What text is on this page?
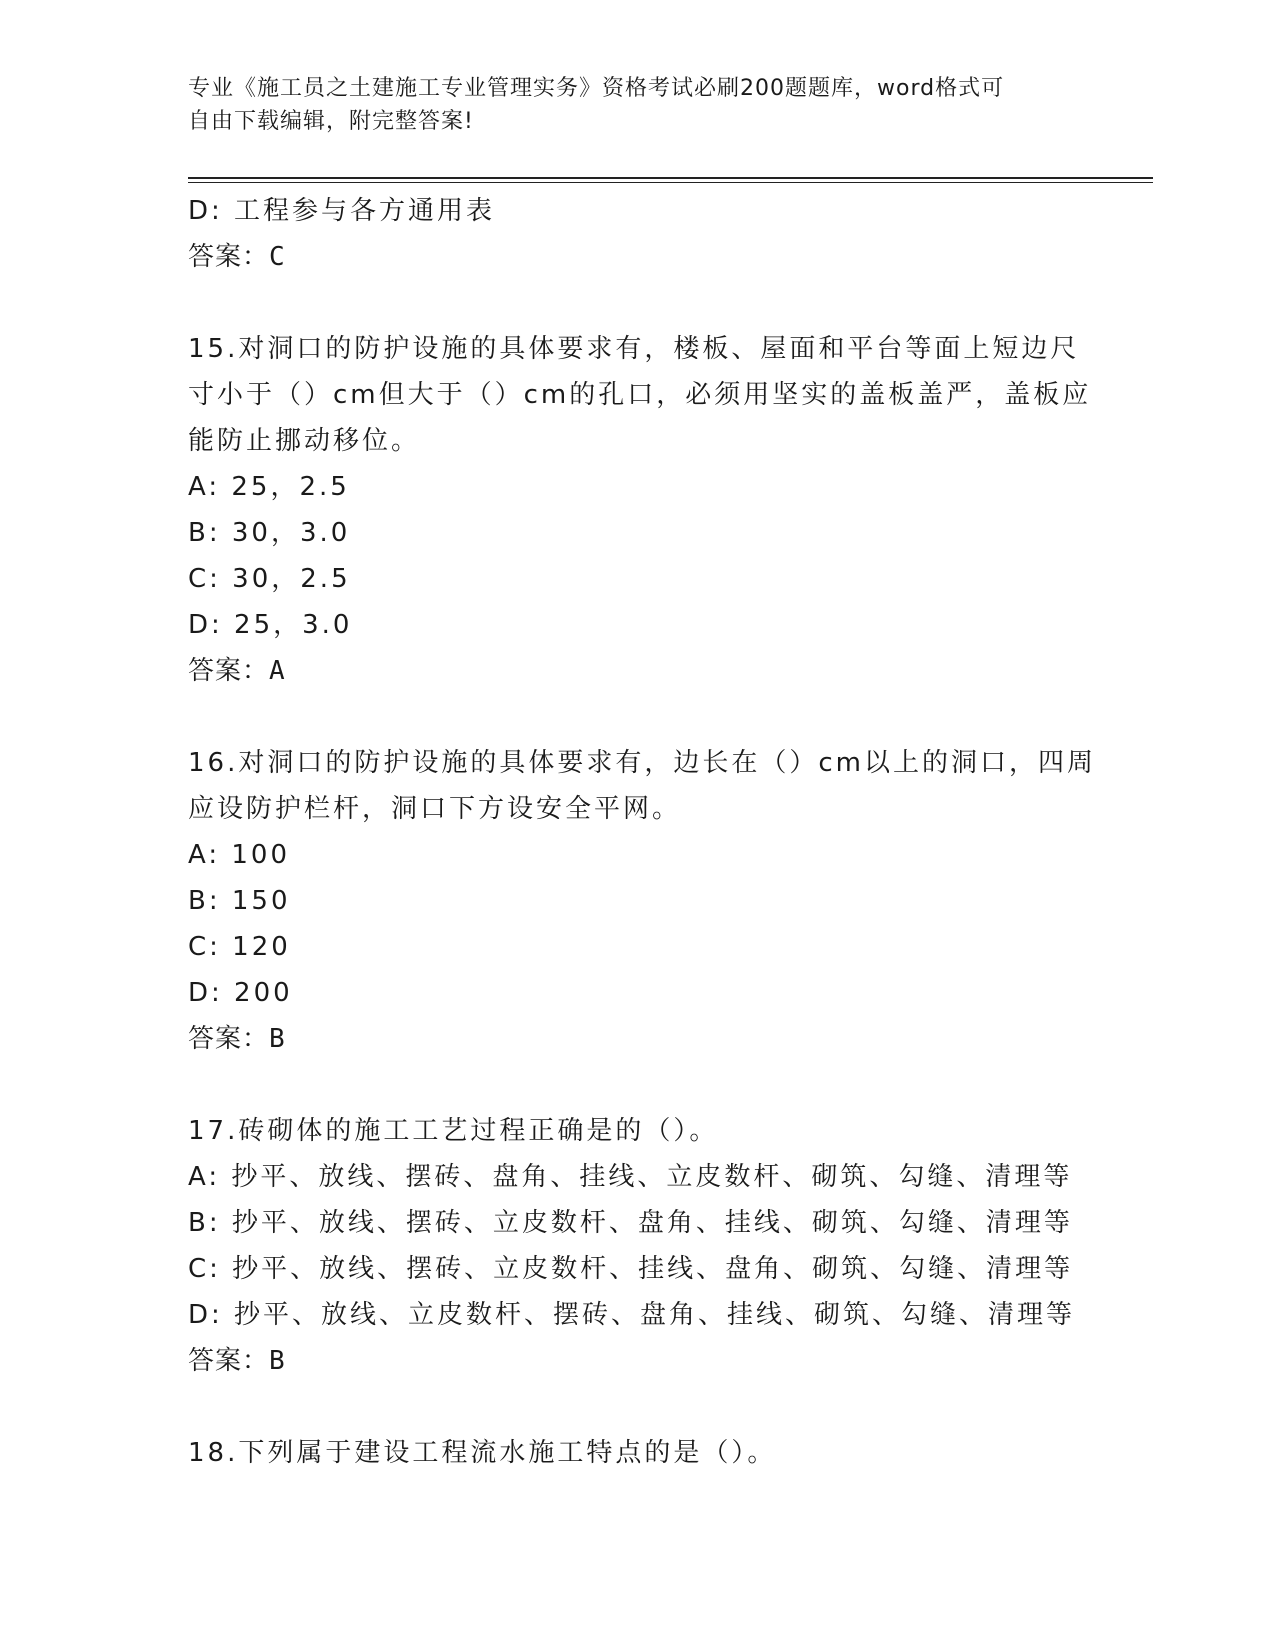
专业《施工员之土建施工专业管理实务》资格考试必刷200题题库，word格式可
自由下载编辑，附完整答案!
D: 工程参与各方通用表
答案：C
15.对洞口的防护设施的具体要求有，楼板、屋面和平台等面上短边尺
寸小于（）cm但大于（）cm的孔口，必须用坚实的盖板盖严，盖板应
能防止挪动移位。
A: 25，2.5
B: 30，3.0
C: 30，2.5
D: 25，3.0
答案：A
16.对洞口的防护设施的具体要求有，边长在（）cm以上的洞口，四周
应设防护栏杆，洞口下方设安全平网。
A: 100
B: 150
C: 120
D: 200
答案：B
17.砖砌体的施工工艺过程正确是的（）。
A: 抄平、放线、摆砖、盘角、挂线、立皮数杆、砌筑、勾缝、清理等
B: 抄平、放线、摆砖、立皮数杆、盘角、挂线、砌筑、勾缝、清理等
C: 抄平、放线、摆砖、立皮数杆、挂线、盘角、砌筑、勾缝、清理等
D: 抄平、放线、立皮数杆、摆砖、盘角、挂线、砌筑、勾缝、清理等
答案：B
18.下列属于建设工程流水施工特点的是（）。
